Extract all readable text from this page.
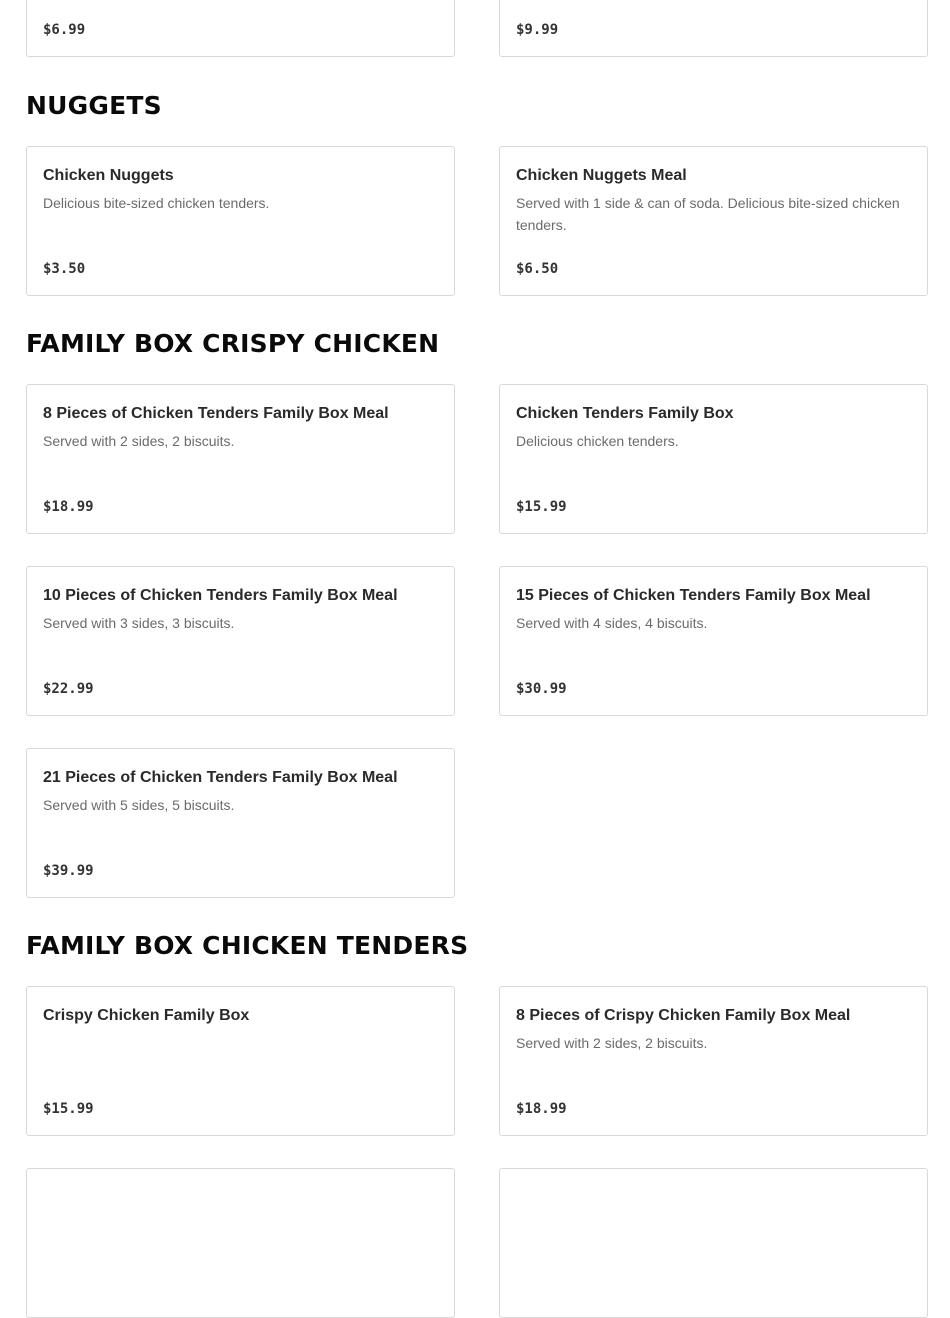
$6.99	$9.99
NUGGETS
Chicken Nuggets
Delicious bite-sized chicken tenders.
$3.50
Chicken Nuggets Meal
Served with 1 side & can of soda. Delicious bite-sized chicken tenders.
$6.50
FAMILY BOX CRISPY CHICKEN
8 Pieces of Chicken Tenders Family Box Meal
Served with 2 sides, 2 biscuits.
$18.99
Chicken Tenders Family Box
Delicious chicken tenders.
$15.99
10 Pieces of Chicken Tenders Family Box Meal
Served with 3 sides, 3 biscuits.
$22.99
15 Pieces of Chicken Tenders Family Box Meal
Served with 4 sides, 4 biscuits.
$30.99
21 Pieces of Chicken Tenders Family Box Meal
Served with 5 sides, 5 biscuits.
$39.99
FAMILY BOX CHICKEN TENDERS
Crispy Chicken Family Box
$15.99
8 Pieces of Crispy Chicken Family Box Meal
Served with 2 sides, 2 biscuits.
$18.99
